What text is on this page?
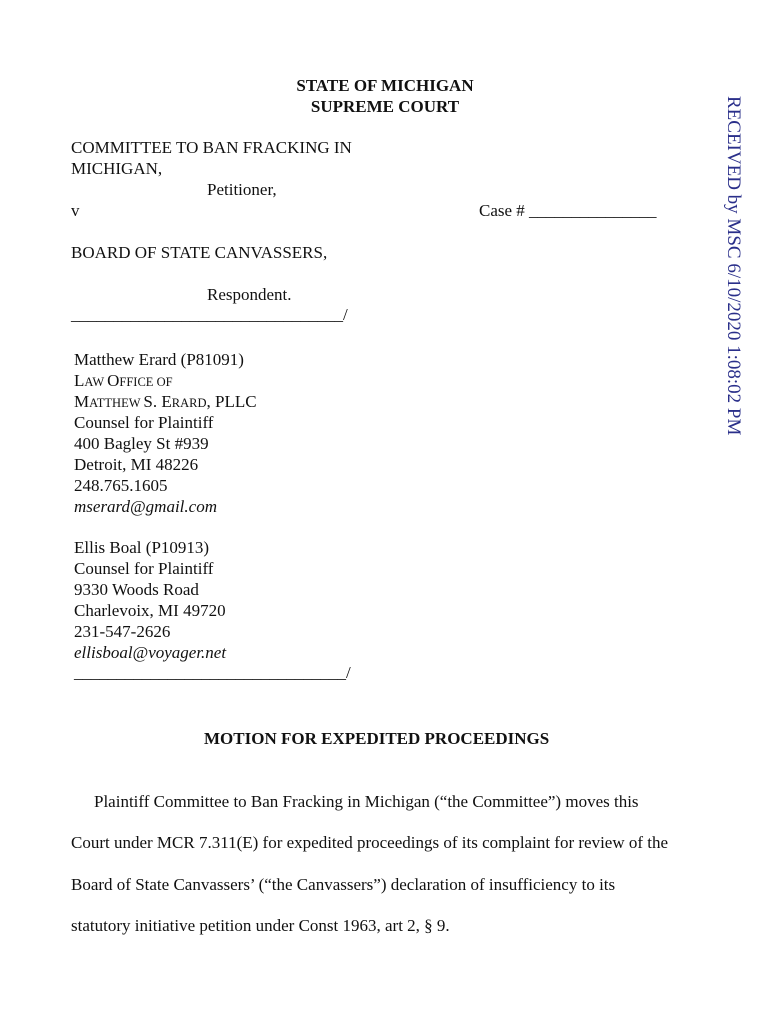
STATE OF MICHIGAN
SUPREME COURT
COMMITTEE TO BAN FRACKING IN
MICHIGAN,
Petitioner,
v	Case # _______________
BOARD OF STATE CANVASSERS,
Respondent.
________________________________/
Matthew Erard (P81091)
LAW OFFICE OF
MATTHEW S. ERARD, PLLC
Counsel for Plaintiff
400 Bagley St #939
Detroit, MI 48226
248.765.1605
mserard@gmail.com
Ellis Boal (P10913)
Counsel for Plaintiff
9330 Woods Road
Charlevoix, MI 49720
231-547-2626
ellisboal@voyager.net
________________________________/
MOTION FOR EXPEDITED PROCEEDINGS
Plaintiff Committee to Ban Fracking in Michigan (“the Committee”) moves this
Court under MCR 7.311(E) for expedited proceedings of its complaint for review of the
Board of State Canvassers’ (“the Canvassers”) declaration of insufficiency to its
statutory initiative petition under Const 1963, art 2, § 9.
RECEIVED by MSC 6/10/2020 1:08:02 PM
